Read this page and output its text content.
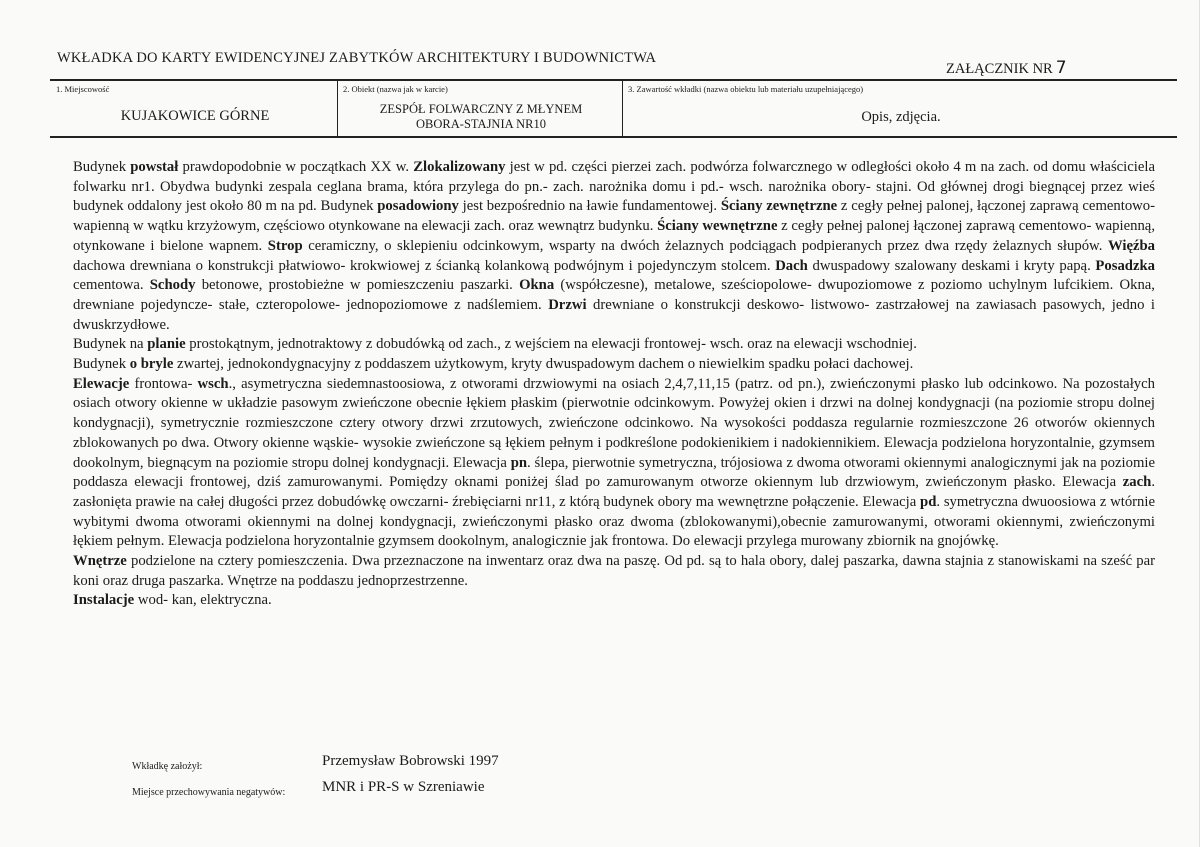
WKŁADKA DO KARTY EWIDENCYJNEJ ZABYTKÓW ARCHITEKTURY I BUDOWNICTWA
ZAŁĄCZNIK NR 7
1. Miejscowość
KUJAKOWICE GÓRNE
2. Obiekt (nazwa jak w karcie)
ZESPÓŁ FOLWARCZNY Z MŁYNEM
OBORA-STAJNIA NR10
3. Zawartość wkładki (nazwa obiektu lub materiału uzupełniającego)
Opis, zdjęcia.

Budynek powstał prawdopodobnie w początkach XX w. Zlokalizowany jest w pd. części pierzei zach. podwórza folwarcznego w odległości około 4 m na zach. od domu właściciela folwarku nr1. Obydwa budynki zespala ceglana brama, która przylega do pn.- zach. narożnika domu i pd.- wsch. narożnika obory- stajni. Od głównej drogi biegnącej przez wieś budynek oddalony jest około 80 m na pd. Budynek posadowiony jest bezpośrednio na ławie fundamentowej. Ściany zewnętrzne z cegły pełnej palonej, łączonej zaprawą cementowo- wapienną w wątku krzyżowym, częściowo otynkowane na elewacji zach. oraz wewnątrz budynku. Ściany wewnętrzne z cegły pełnej palonej łączonej zaprawą cementowo- wapienną, otynkowane i bielone wapnem. Strop ceramiczny, o sklepieniu odcinkowym, wsparty na dwóch żelaznych podciągach podpieranych przez dwa rzędy żelaznych słupów. Więźba dachowa drewniana o konstrukcji płatwiowo- krokwiowej z ścianką kolankową podwójnym i pojedynczym stolcem. Dach dwuspadowy szalowany deskami i kryty papą. Posadzka cementowa. Schody betonowe, prostobieżne w pomieszczeniu paszarki. Okna (współczesne), metalowe, sześciopolowe- dwupoziomowe z poziomo uchylnym lufcikiem. Okna, drewniane pojedyncze- stałe, czteropolowe- jednopoziomowe z nadślemiem. Drzwi drewniane o konstrukcji deskowo- listwowo- zastrzałowej na zawiasach pasowych, jedno i dwuskrzydłowe.

Budynek na planie prostokątnym, jednotraktowy z dobudówką od zach., z wejściem na elewacji frontowej- wsch. oraz na elewacji wschodniej.

Budynek o bryle zwartej, jednokondygnacyjny z poddaszem użytkowym, kryty dwuspadowym dachem o niewielkim spadku połaci dachowej.

Elewacje frontowa- wsch., asymetryczna siedemnastoosiowa, z otworami drzwiowymi na osiach 2,4,7,11,15 (patrz. od pn.), zwieńczonymi płasko lub odcinkowo. Na pozostałych osiach otwory okienne w układzie pasowym zwieńczone obecnie łękiem płaskim (pierwotnie odcinkowym. Powyżej okien i drzwi na dolnej kondygnacji (na poziomie stropu dolnej kondygnacji), symetrycznie rozmieszczone cztery otwory drzwi zrzutowych, zwieńczone odcinkowo. Na wysokości poddasza regularnie rozmieszczone 26 otworów okiennych zblokowanych po dwa. Otwory okienne wąskie- wysokie zwieńczone są łękiem pełnym i podkreślone podokienikiem i nadokiennikiem. Elewacja podzielona horyzontalnie, gzymsem dookolnym, biegnącym na poziomie stropu dolnej kondygnacji. Elewacja pn. ślepa, pierwotnie symetryczna, trójosiowa z dwoma otworami okiennymi analogicznymi jak na poziomie poddasza elewacji frontowej, dziś zamurowanymi. Pomiędzy oknami poniżej ślad po zamurowanym otworze okiennym lub drzwiowym, zwieńczonym płasko. Elewacja zach. zasłonięta prawie na całej długości przez dobudówkę owczarni- źrebięciarni nr11, z którą budynek obory ma wewnętrzne połączenie. Elewacja pd. symetryczna dwuoosiowa z wtórnie wybitymi dwoma otworami okiennymi na dolnej kondygnacji, zwieńczonymi płasko oraz dwoma (zblokowanymi),obecnie zamurowanymi, otworami okiennymi, zwieńczonymi łękiem pełnym. Elewacja podzielona horyzontalnie gzymsem dookolnym, analogicznie jak frontowa. Do elewacji przylega murowany zbiornik na gnojówkę.

Wnętrze podzielone na cztery pomieszczenia. Dwa przeznaczone na inwentarz oraz dwa na paszę. Od pd. są to hala obory, dalej paszarka, dawna stajnia z stanowiskami na sześć par koni oraz druga paszarka. Wnętrze na poddaszu jednoprzestrzenne.

Instalacje wod- kan, elektryczna.

Wkładkę założył:	Przemysław Bobrowski 1997
Miejsce przechowywania negatywów: MNR i PR-S w Szreniawie
